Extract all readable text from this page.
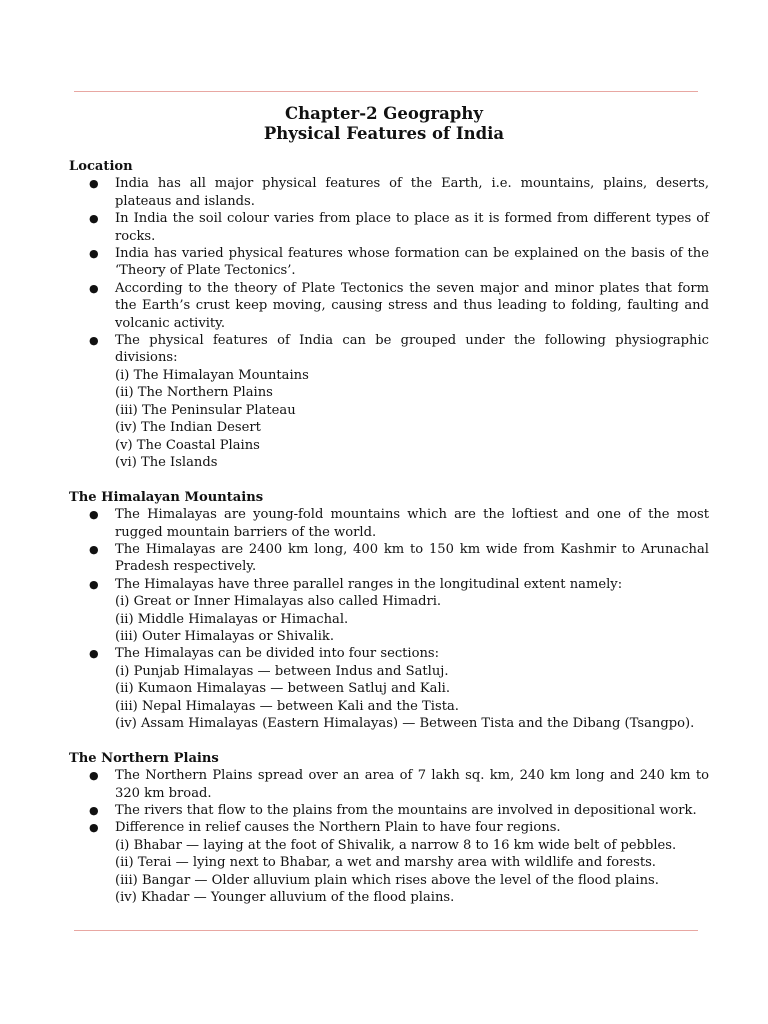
Chapter-2 Geography
Physical Features of India
Location
● India has all major physical features of the Earth, i.e. mountains, plains, deserts, plateaus and islands.
● In India the soil colour varies from place to place as it is formed from different types of rocks.
● India has varied physical features whose formation can be explained on the basis of the ‘Theory of Plate Tectonics’.
● According to the theory of Plate Tectonics the seven major and minor plates that form the Earth’s crust keep moving, causing stress and thus leading to folding, faulting and volcanic activity.
● The physical features of India can be grouped under the following physiographic divisions:
(i) The Himalayan Mountains
(ii) The Northern Plains
(iii) The Peninsular Plateau
(iv) The Indian Desert
(v) The Coastal Plains
(vi) The Islands
The Himalayan Mountains
● The Himalayas are young-fold mountains which are the loftiest and one of the most rugged mountain barriers of the world.
● The Himalayas are 2400 km long, 400 km to 150 km wide from Kashmir to Arunachal Pradesh respectively.
● The Himalayas have three parallel ranges in the longitudinal extent namely:
(i) Great or Inner Himalayas also called Himadri.
(ii) Middle Himalayas or Himachal.
(iii) Outer Himalayas or Shivalik.
● The Himalayas can be divided into four sections:
(i) Punjab Himalayas — between Indus and Satluj.
(ii) Kumaon Himalayas — between Satluj and Kali.
(iii) Nepal Himalayas — between Kali and the Tista.
(iv) Assam Himalayas (Eastern Himalayas) — Between Tista and the Dibang (Tsangpo).
The Northern Plains
● The Northern Plains spread over an area of 7 lakh sq. km, 240 km long and 240 km to 320 km broad.
● The rivers that flow to the plains from the mountains are involved in depositional work.
● Difference in relief causes the Northern Plain to have four regions.
(i) Bhabar — laying at the foot of Shivalik, a narrow 8 to 16 km wide belt of pebbles.
(ii) Terai — lying next to Bhabar, a wet and marshy area with wildlife and forests.
(iii) Bangar — Older alluvium plain which rises above the level of the flood plains.
(iv) Khadar — Younger alluvium of the flood plains.
